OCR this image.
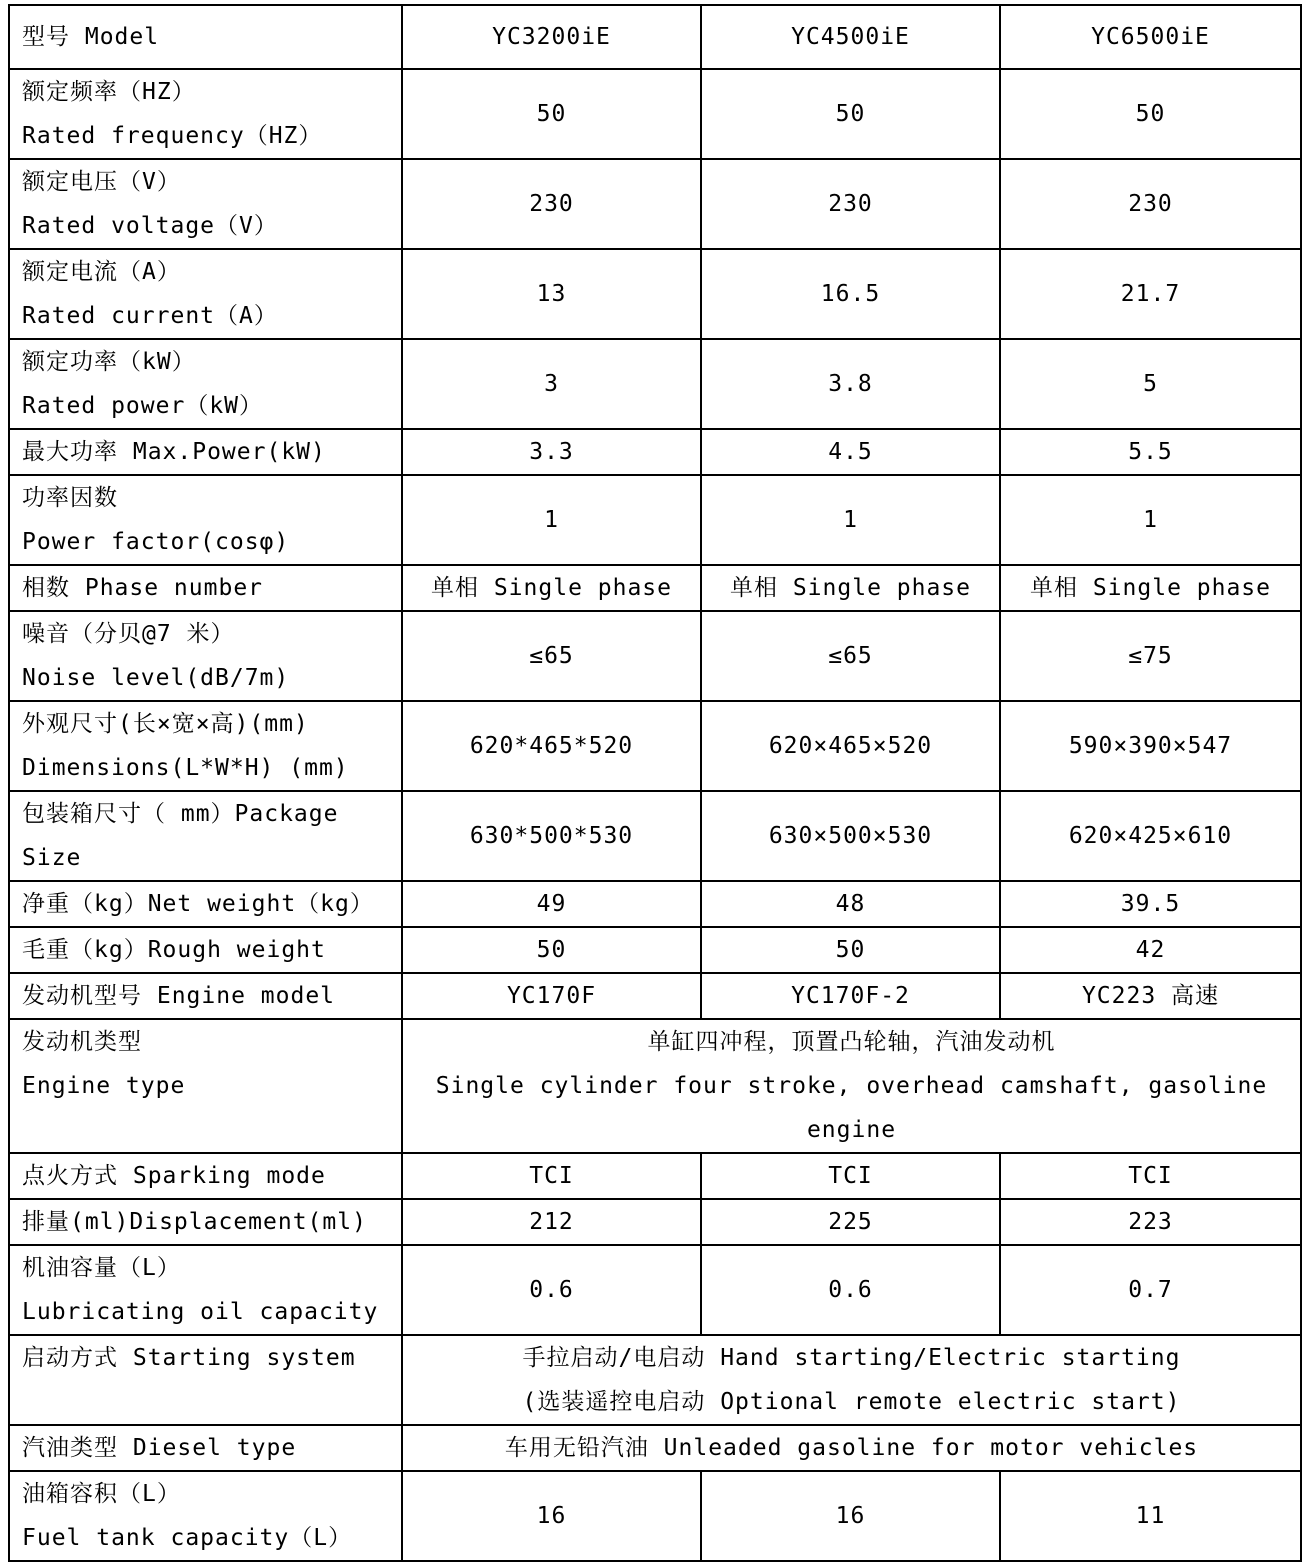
型号 Model	YC3200iE	YC4500iE	YC6500iE
额定频率（HZ）
Rated frequency（HZ）	50	50	50
额定电压（V）
Rated voltage（V）	230	230	230
额定电流（A）
Rated current（A）	13	16.5	21.7
额定功率（kW）
Rated power（kW）	3	3.8	5
最大功率 Max.Power(kW)	3.3	4.5	5.5
功率因数
Power factor(cosφ)	1	1	1
相数 Phase number	单相 Single phase	单相 Single phase	单相 Single phase
噪音（分贝@7 米）
Noise level(dB/7m)	≤65	≤65	≤75
外观尺寸(长×宽×高)(mm)
Dimensions(L*W*H) (mm)	620*465*520	620×465×520	590×390×547
包装箱尺寸（ mm）Package
Size	630*500*530	630×500×530	620×425×610
净重（kg）Net weight（kg）	49	48	39.5
毛重（kg）Rough weight	50	50	42
发动机型号 Engine model	YC170F	YC170F-2	YC223 高速
发动机类型
Engine type	单缸四冲程，顶置凸轮轴，汽油发动机
Single cylinder four stroke, overhead camshaft, gasoline
engine		
点火方式 Sparking mode	TCI	TCI	TCI
排量(ml)Displacement(ml)	212	225	223
机油容量（L）
Lubricating oil capacity	0.6	0.6	0.7
启动方式 Starting system	手拉启动/电启动 Hand starting/Electric starting
(选装遥控电启动 Optional remote electric start)		
汽油类型 Diesel type	车用无铅汽油 Unleaded gasoline for motor vehicles		
油箱容积（L）
Fuel tank capacity（L）	16	16	11
